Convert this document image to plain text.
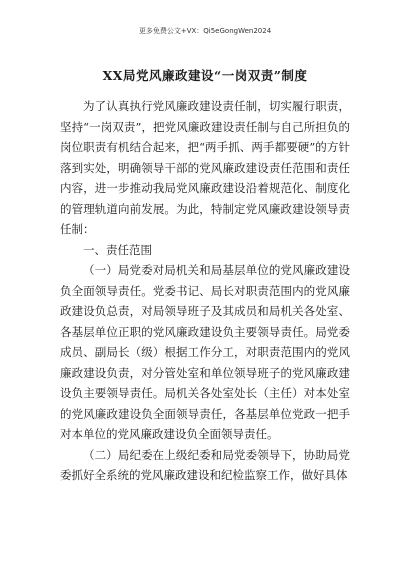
更多免费公文+VX：Qi5eGongWen2024
XX局党风廉政建设“一岗双责”制度

为了认真执行党风廉政建设责任制，切实履行职责，坚持“一岗双责”，把党风廉政建设责任制与自己所担负的岗位职责有机结合起来，把“两手抓、两手都要硬”的方针落到实处，明确领导干部的党风廉政建设责任范围和责任内容，进一步推动我局党风廉政建设沿着规范化、制度化的管理轨道向前发展。为此，特制定党风廉政建设领导责任制：

一、责任范围

（一）局党委对局机关和局基层单位的党风廉政建设负全面领导责任。党委书记、局长对职责范围内的党风廉政建设负总责，对局领导班子及其成员和局机关各处室、各基层单位正职的党风廉政建设负主要领导责任。局党委成员、副局长（级）根据工作分工，对职责范围内的党风廉政建设负责，对分管处室和单位领导班子的党风廉政建设负主要领导责任。局机关各处室处长（主任）对本处室的党风廉政建设负全面领导责任，各基层单位党政一把手对本单位的党风廉政建设负全面领导责任。

（二）局纪委在上级纪委和局党委领导下，协助局党委抓好全系统的党风廉政建设和纪检监察工作，做好具体
